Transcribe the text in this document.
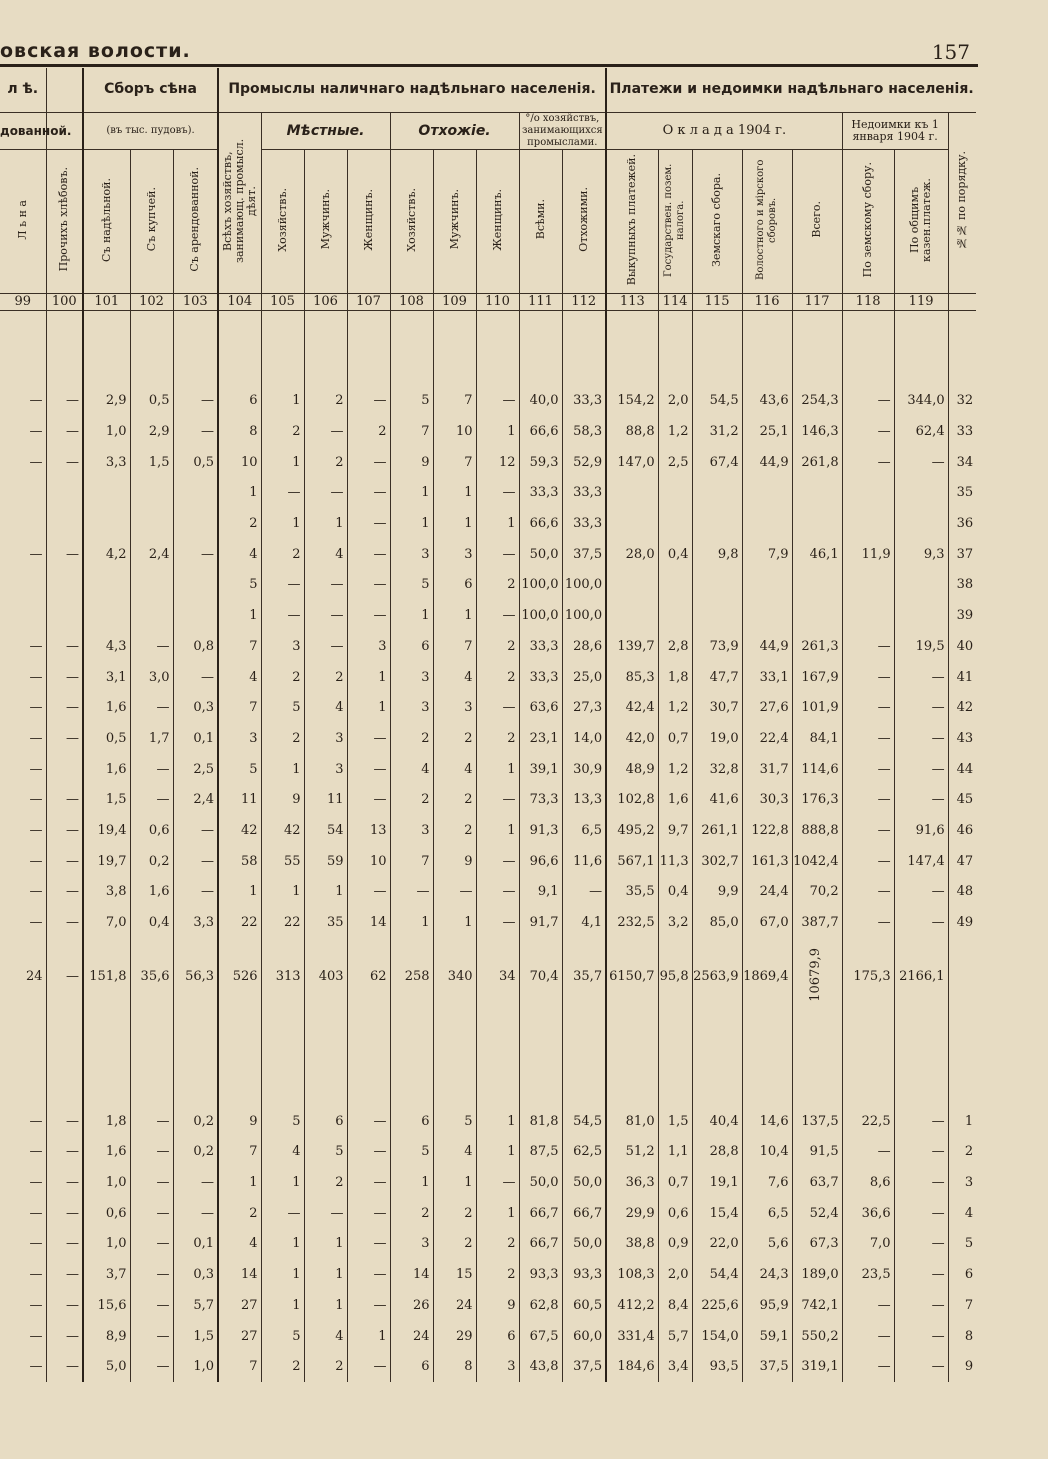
овская волости.	157
л ѣ.		Сборъ сѣна			Промыслы наличнаго надѣльнаго населенія.									Платежи и недоимки надѣльнаго населенія.							
дованной.		(въ тыс. пудовъ).			Всѣхъ хозяйствъ, занимающ. промысл. дѣят.	Мѣстные.			Отхожіе.			°/o хозяйствъ, занимающихся промыслами.		О к л а д а 1904 г.					Недоимки къ 1 января 1904 г.		№№ по порядку.
Л ь н а	Прочихъ хлѣбовъ.	Съ надѣльной.	Съ купчей.	Съ арендованной.		Хозяйствъ.	Мужчинъ.	Женщинъ.	Хозяйствъ.	Мужчинъ.	Женщинъ.	Всѣми.	Отхожими.	Выкупныхъ платежей.	Государствен. позем. налога.	Земскаго сбора.	Волостного и мірского сборовъ.	Всего.	По земскому сбору.	По общимъ казен.платеж.	
99	100	101	102	103	104	105	106	107	108	109	110	111	112	113	114	115	116	117	118	119	

—	—	2,9	0,5	—	6	1	2	—	5	7	—	40,0	33,3	154,2	2,0	54,5	43,6	254,3	—	344,0	32
—	—	1,0	2,9	—	8	2	—	2	7	10	1	66,6	58,3	88,8	1,2	31,2	25,1	146,3	—	62,4	33
—	—	3,3	1,5	0,5	10	1	2	—	9	7	12	59,3	52,9	147,0	2,5	67,4	44,9	261,8	—	—	34
					1	—	—	—	1	1	—	33,3	33,3								35
					2	1	1	—	1	1	1	66,6	33,3								36
—	—	4,2	2,4	—	4	2	4	—	3	3	—	50,0	37,5	28,0	0,4	9,8	7,9	46,1	11,9	9,3	37
					5	—	—	—	5	6	2	100,0	100,0								38
					1	—	—	—	1	1	—	100,0	100,0								39
—	—	4,3	—	0,8	7	3	—	3	6	7	2	33,3	28,6	139,7	2,8	73,9	44,9	261,3	—	19,5	40
—	—	3,1	3,0	—	4	2	2	1	3	4	2	33,3	25,0	85,3	1,8	47,7	33,1	167,9	—	—	41
—	—	1,6	—	0,3	7	5	4	1	3	3	—	63,6	27,3	42,4	1,2	30,7	27,6	101,9	—	—	42
—	—	0,5	1,7	0,1	3	2	3	—	2	2	2	23,1	14,0	42,0	0,7	19,0	22,4	84,1	—	—	43
—		1,6	—	2,5	5	1	3	—	4	4	1	39,1	30,9	48,9	1,2	32,8	31,7	114,6	—	—	44
—	—	1,5	—	2,4	11	9	11	—	2	2	—	73,3	13,3	102,8	1,6	41,6	30,3	176,3	—	—	45
—	—	19,4	0,6	—	42	42	54	13	3	2	1	91,3	6,5	495,2	9,7	261,1	122,8	888,8	—	91,6	46
—	—	19,7	0,2	—	58	55	59	10	7	9	—	96,6	11,6	567,1	11,3	302,7	161,3	1042,4	—	147,4	47
—	—	3,8	1,6	—	1	1	1	—	—	—	—	9,1	—	35,5	0,4	9,9	24,4	70,2	—	—	48
—	—	7,0	0,4	3,3	22	22	35	14	1	1	—	91,7	4,1	232,5	3,2	85,0	67,0	387,7	—	—	49
24	—	151,8	35,6	56,3	526	313	403	62	258	340	34	70,4	35,7	6150,7	95,8	2563,9	1869,4	10679,9	175,3	2166,1	

—	—	1,8	—	0,2	9	5	6	—	6	5	1	81,8	54,5	81,0	1,5	40,4	14,6	137,5	22,5	—	1
—	—	1,6	—	0,2	7	4	5	—	5	4	1	87,5	62,5	51,2	1,1	28,8	10,4	91,5	—	—	2
—	—	1,0	—	—	1	1	2	—	1	1	—	50,0	50,0	36,3	0,7	19,1	7,6	63,7	8,6	—	3
—	—	0,6	—	—	2	—	—	—	2	2	1	66,7	66,7	29,9	0,6	15,4	6,5	52,4	36,6	—	4
—	—	1,0	—	0,1	4	1	1	—	3	2	2	66,7	50,0	38,8	0,9	22,0	5,6	67,3	7,0	—	5
—	—	3,7	—	0,3	14	1	1	—	14	15	2	93,3	93,3	108,3	2,0	54,4	24,3	189,0	23,5	—	6
—	—	15,6	—	5,7	27	1	1	—	26	24	9	62,8	60,5	412,2	8,4	225,6	95,9	742,1	—	—	7
—	—	8,9	—	1,5	27	5	4	1	24	29	6	67,5	60,0	331,4	5,7	154,0	59,1	550,2	—	—	8
—	—	5,0	—	1,0	7	2	2	—	6	8	3	43,8	37,5	184,6	3,4	93,5	37,5	319,1	—	—	9
